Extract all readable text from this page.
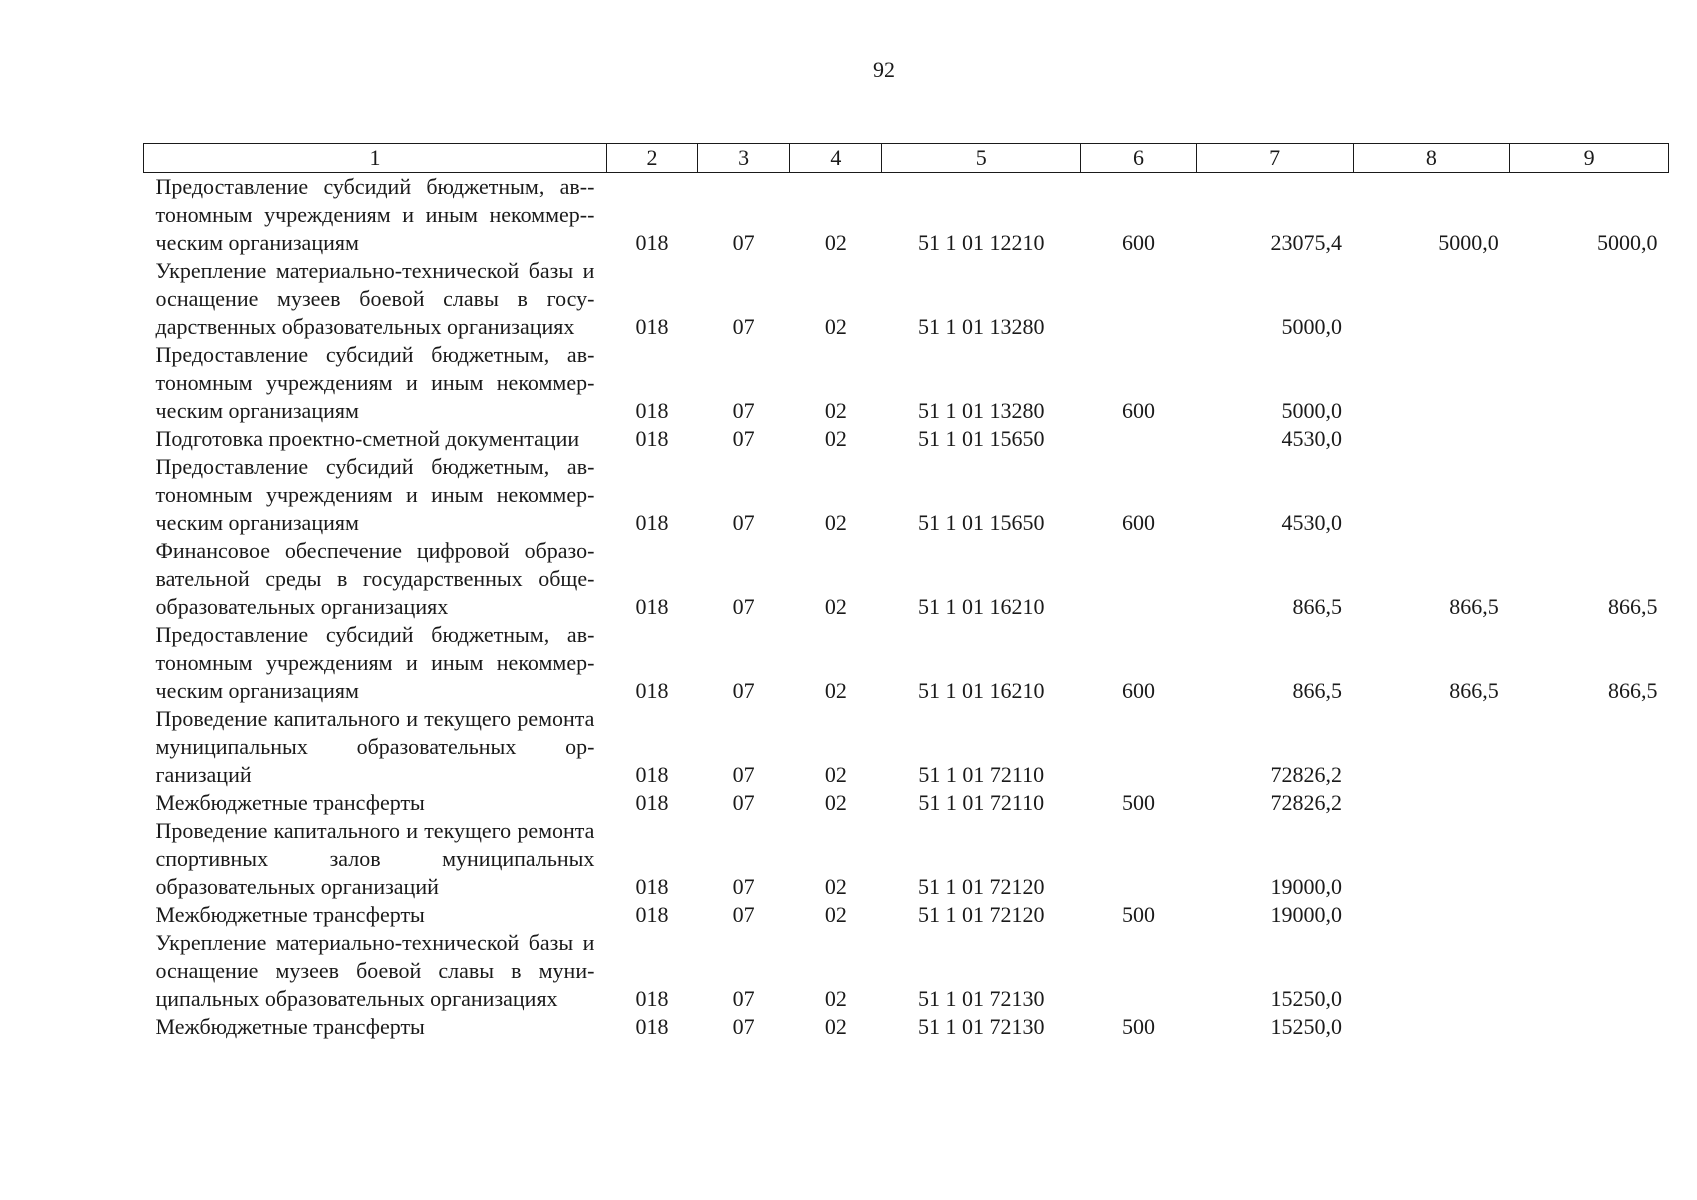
92
1	2	3	4	5	6	7	8	9
Предоставление субсидий бюджетным, ав-тономным учреждениям и иным некоммер-ческим организациям	018	07	02	51 1 01 12210	600	23075,4	5000,0	5000,0
Укрепление материально-технической базы и оснащение музеев боевой славы в государственных образовательных организациях	018	07	02	51 1 01 13280		5000,0		
Предоставление субсидий бюджетным, автономным учреждениям и иным некоммерческим организациям	018	07	02	51 1 01 13280	600	5000,0		
Подготовка проектно-сметной документации	018	07	02	51 1 01 15650		4530,0		
Предоставление субсидий бюджетным, автономным учреждениям и иным некоммерческим организациям	018	07	02	51 1 01 15650	600	4530,0		
Финансовое обеспечение цифровой образовательной среды в государственных общеобразовательных организациях	018	07	02	51 1 01 16210		866,5	866,5	866,5
Предоставление субсидий бюджетным, автономным учреждениям и иным некоммерческим организациям	018	07	02	51 1 01 16210	600	866,5	866,5	866,5
Проведение капитального и текущего ремонта муниципальных образовательных организаций	018	07	02	51 1 01 72110		72826,2		
Межбюджетные трансферты	018	07	02	51 1 01 72110	500	72826,2		
Проведение капитального и текущего ремонта спортивных залов муниципальных образовательных организаций	018	07	02	51 1 01 72120		19000,0		
Межбюджетные трансферты	018	07	02	51 1 01 72120	500	19000,0		
Укрепление материально-технической базы и оснащение музеев боевой славы в муниципальных образовательных организациях	018	07	02	51 1 01 72130		15250,0		
Межбюджетные трансферты	018	07	02	51 1 01 72130	500	15250,0		
